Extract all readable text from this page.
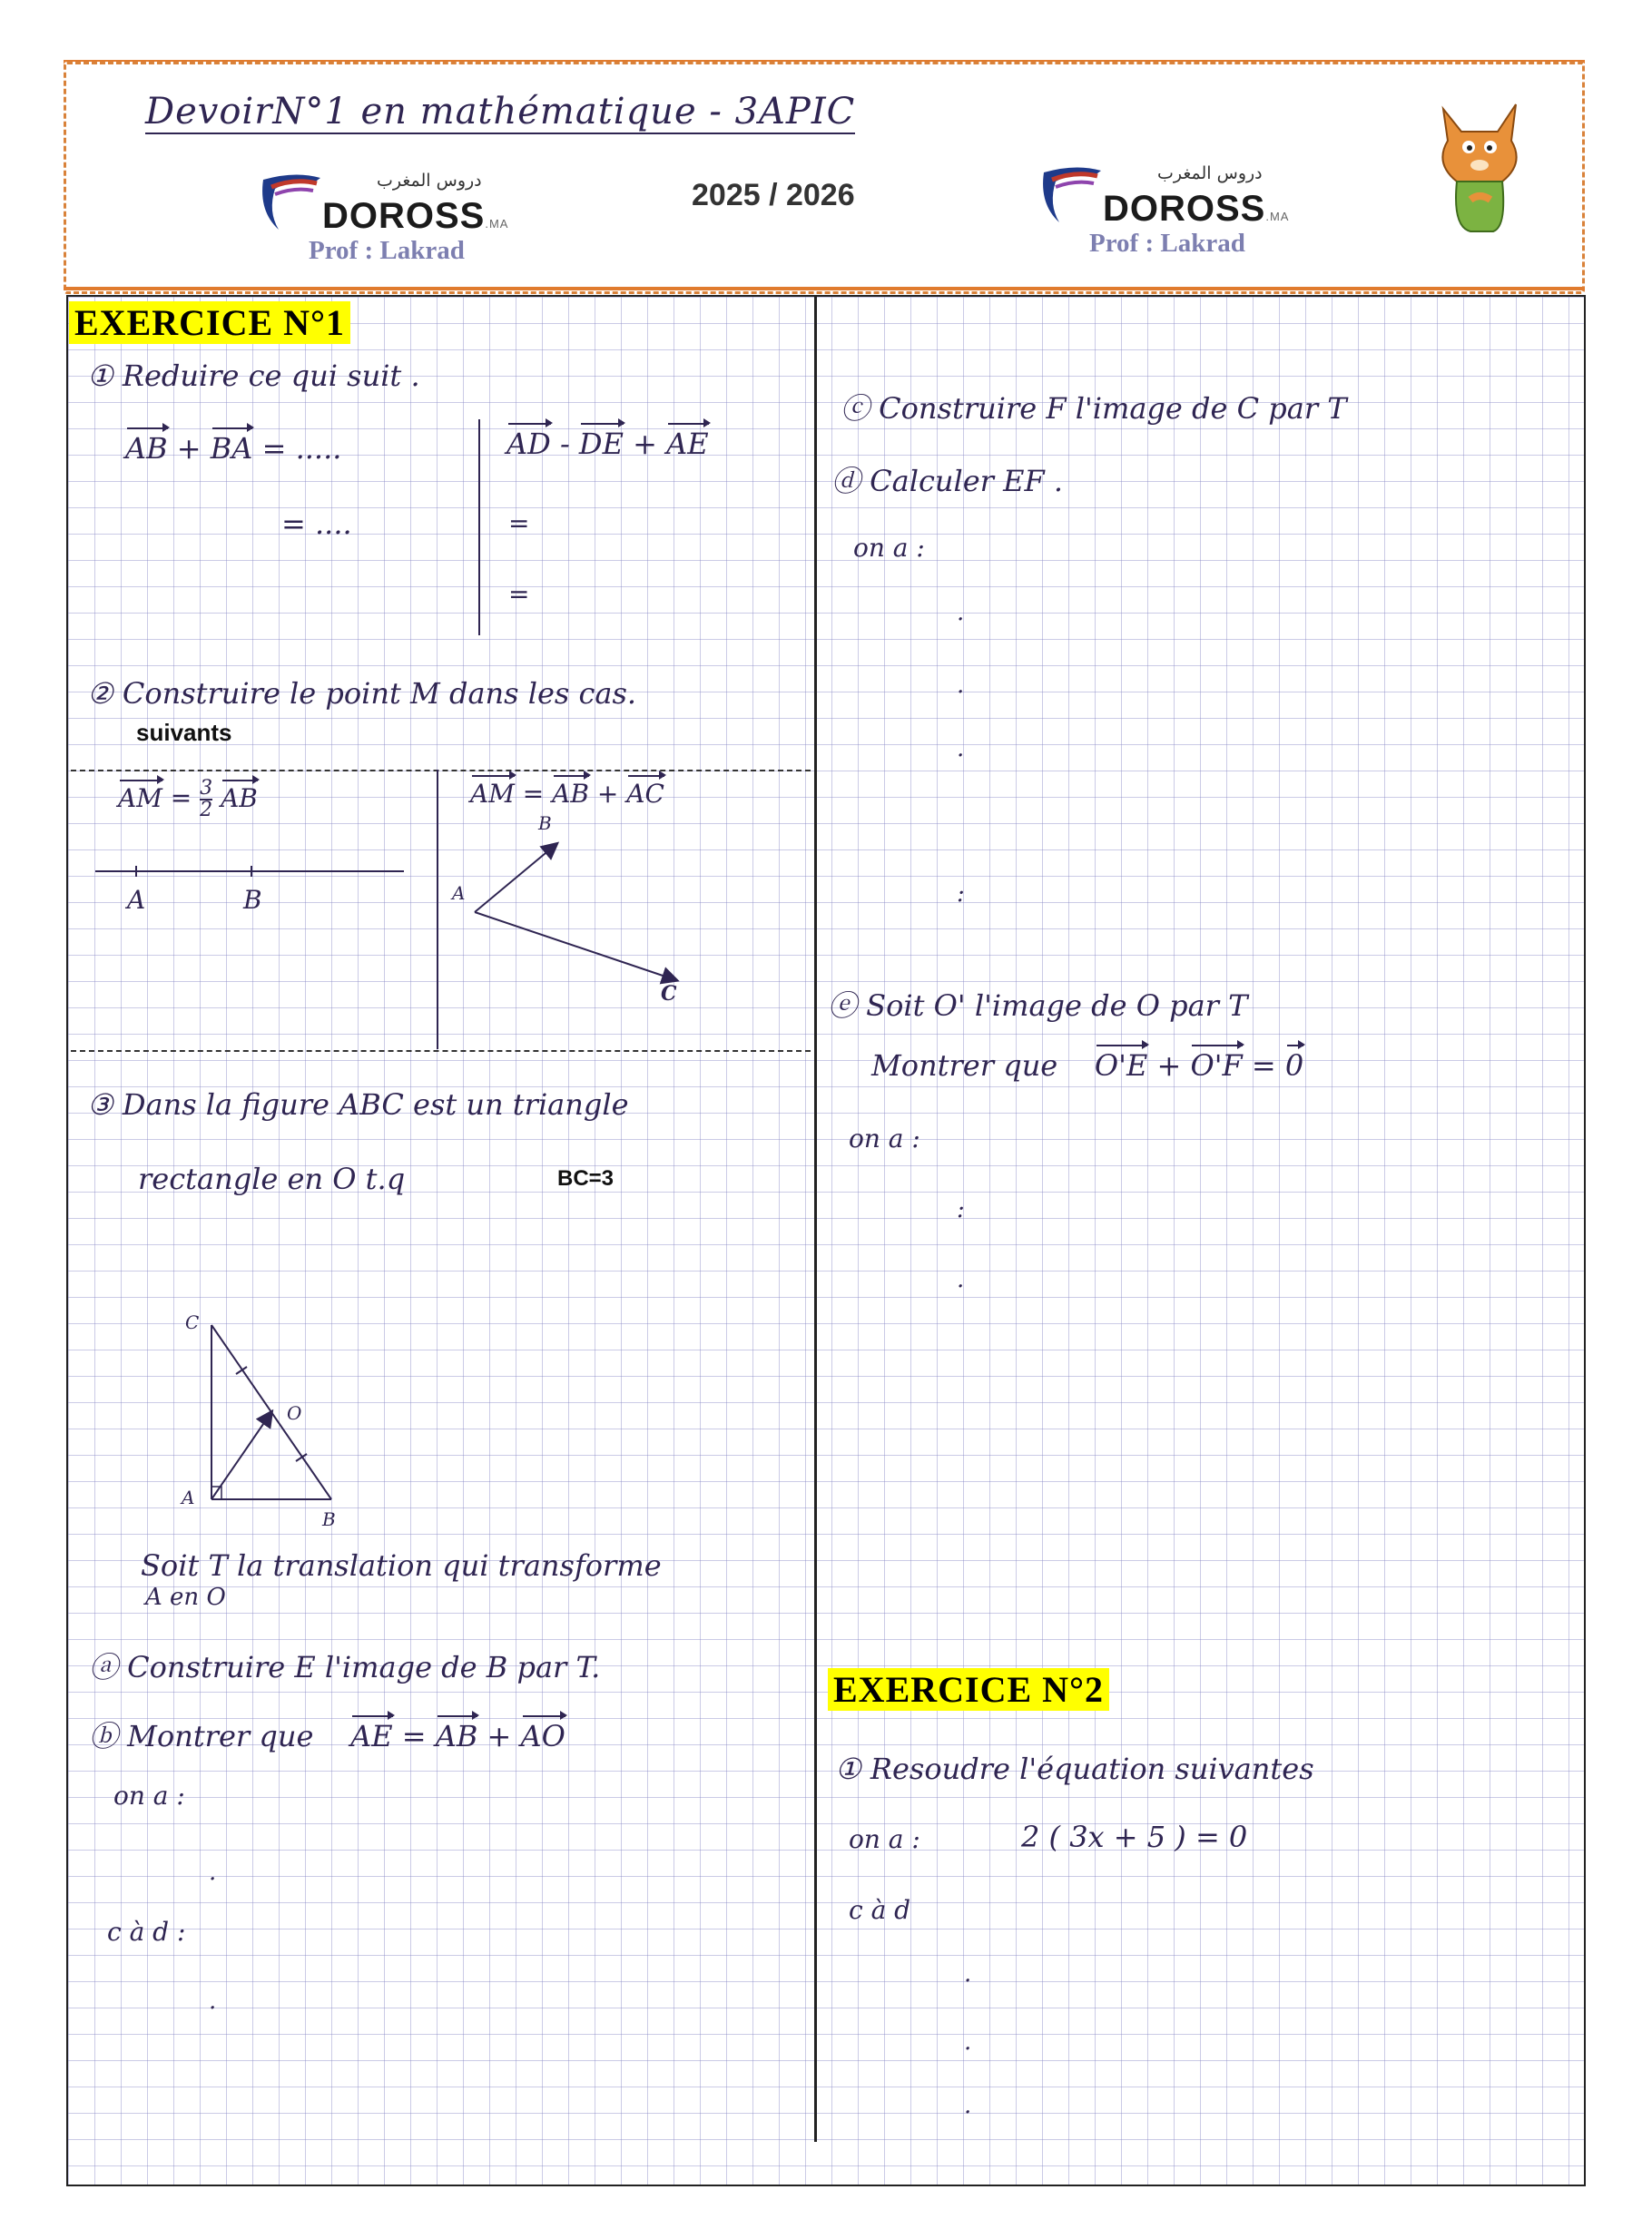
DevoirN°1 en mathématique - 3APIC
دروس المغرب
DOROSS.MA
Prof : Lakrad
2025 / 2026
دروس المغرب
DOROSS.MA
Prof : Lakrad
EXERCICE N°1
① Reduire ce qui suit .
AB + BA = .....
= ....
AD - DE + AE
=
=
② Construire le point M dans les cas.
suivants
AM = $\frac{3}{2}$ AB
A	B
AM = AB + AC
B
A
C
③ Dans la figure ABC est un triangle
rectangle en O t.q	BC=3
C
O
A
B
Soit T la translation qui transforme
A en O
ⓐ Construire E l'image de B par T.
ⓑ Montrer que AE = AB + AO
on a :
c à d :
.
.
ⓒ Construire F l'image de C par T
ⓓ Calculer EF .
on a :
.
.
.
:
ⓔ Soit O' l'image de O par T
Montrer que O'E + O'F = 0
on a :
:
.
EXERCICE N°2
① Resoudre l'équation suivantes
on a :	2 ( 3x + 5 ) = 0
c à d
.
.
.
